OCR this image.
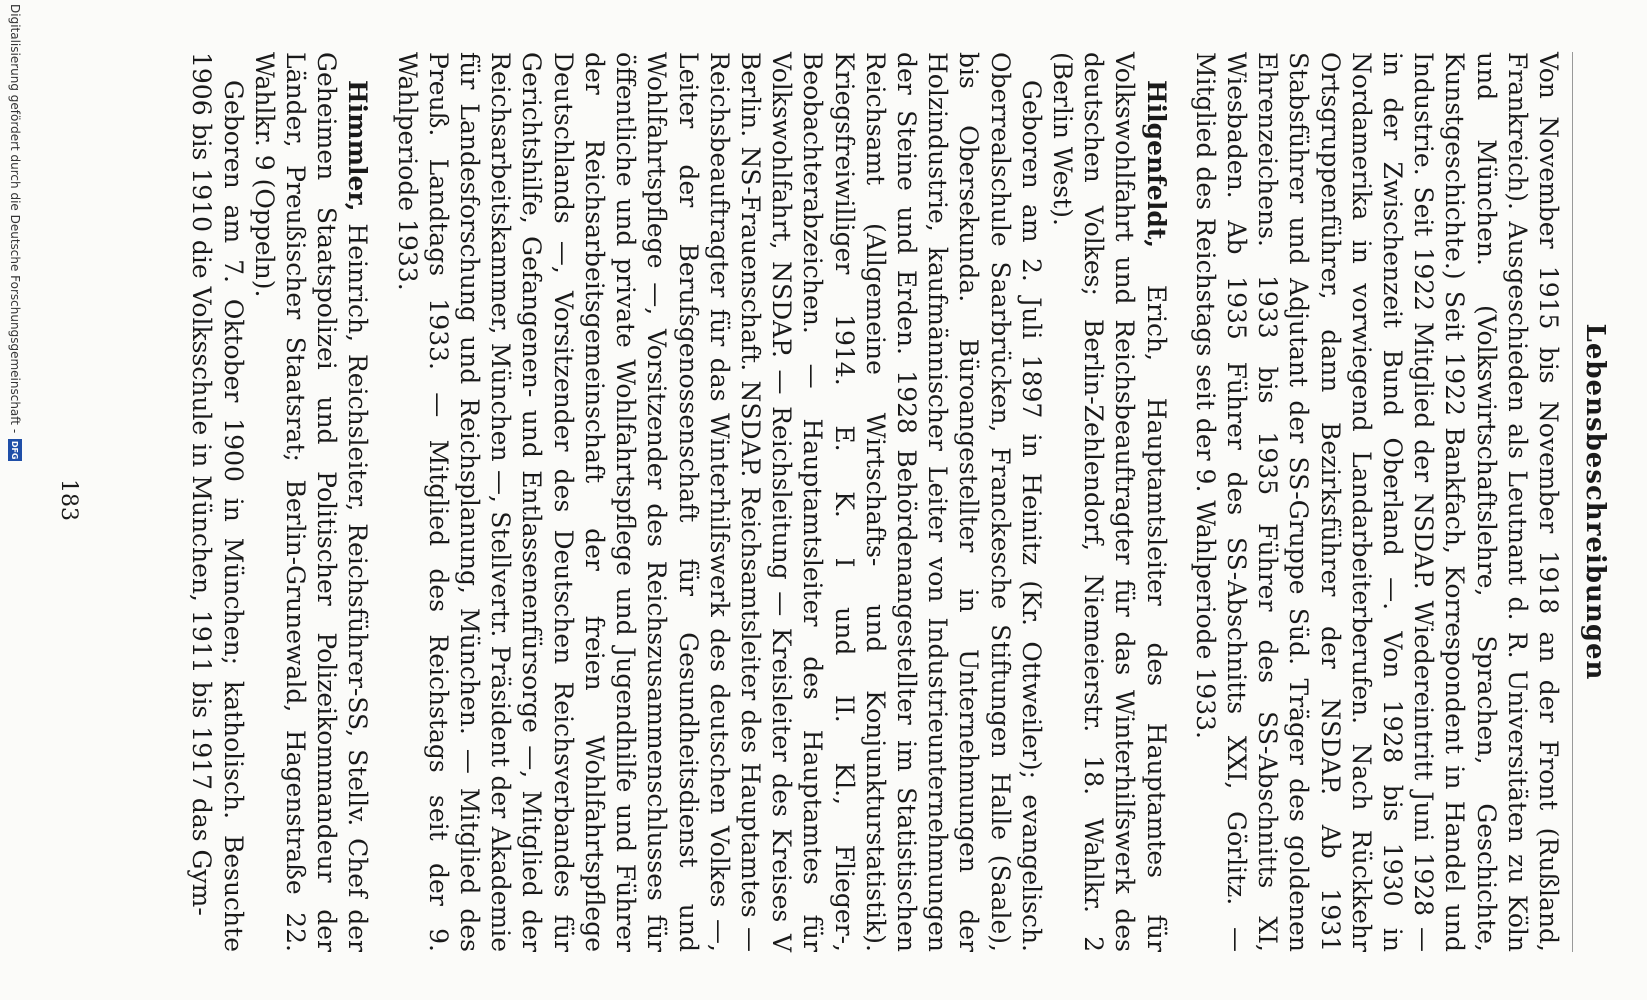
Lebensbeschreibungen

Von November 1915 bis November 1918 an der Front (Rußland, Frankreich). Ausgeschieden als Leutnant d. R. Universitäten zu Köln und München. (Volkswirtschaftslehre, Sprachen, Geschichte, Kunstgeschichte.) Seit 1922 Bankfach, Korrespondent in Handel und Industrie. Seit 1922 Mitglied der NSDAP. Wiedereintritt Juni 1928 — in der Zwischenzeit Bund Oberland —. Von 1928 bis 1930 in Nordamerika in vorwiegend Landarbeiterberufen. Nach Rückkehr Ortsgruppenführer, dann Bezirksführer der NSDAP. Ab 1931 Stabsführer und Adjutant der SS-Gruppe Süd. Träger des goldenen Ehrenzeichens. 1933 bis 1935 Führer des SS-Abschnitts XI, Wiesbaden. Ab 1935 Führer des SS-Abschnitts XXI, Görlitz. — Mitglied des Reichstags seit der 9. Wahlperiode 1933.

Hilgenfeldt, Erich, Hauptamtsleiter des Hauptamtes für Volkswohlfahrt und Reichsbeauftragter für das Winterhilfswerk des deutschen Volkes; Berlin-Zehlendorf, Niemeierstr. 18. Wahlkr. 2 (Berlin West).

Geboren am 2. Juli 1897 in Heinitz (Kr. Ottweiler); evangelisch. Oberrealschule Saarbrücken, Franckesche Stiftungen Halle (Saale), bis Obersekunda. Büroangestellter in Unternehmungen der Holzindustrie, kaufmännischer Leiter von Industrieunternehmungen der Steine und Erden. 1928 Behördenangestellter im Statistischen Reichsamt (Allgemeine Wirtschafts- und Konjunkturstatistik). Kriegsfreiwilliger 1914. E. K. I und II. Kl., Flieger-, Beobachterabzeichen. — Hauptamtsleiter des Hauptamtes für Volkswohlfahrt, NSDAP. — Reichsleitung — Kreisleiter des Kreises V Berlin. NS-Frauenschaft. NSDAP. Reichsamtsleiter des Hauptamtes — Reichsbeauftragter für das Winterhilfswerk des deutschen Volkes —, Leiter der Berufsgenossenschaft für Gesundheitsdienst und Wohlfahrtspflege —, Vorsitzender des Reichszusammenschlusses für öffentliche und private Wohlfahrtspflege und Jugendhilfe und Führer der Reichsarbeitsgemeinschaft der freien Wohlfahrtspflege Deutschlands —, Vorsitzender des Deutschen Reichsverbandes für Gerichtshilfe, Gefangenen- und Entlassenenfürsorge —, Mitglied der Reichsarbeitskammer, München —, Stellvertr. Präsident der Akademie für Landesforschung und Reichsplanung, München. — Mitglied des Preuß. Landtags 1933. — Mitglied des Reichstags seit der 9. Wahlperiode 1933.

Himmler, Heinrich, Reichsleiter, Reichsführer-SS, Stellv. Chef der Geheimen Staatspolizei und Politischer Polizeikommandeur der Länder, Preußischer Staatsrat; Berlin-Grunewald, Hagenstraße 22. Wahlkr. 9 (Oppeln).

Geboren am 7. Oktober 1900 in München; katholisch. Besuchte 1906 bis 1910 die Volksschule in München, 1911 bis 1917 das Gym-

183
Digitalisierung gefördert durch die Deutsche Forschungsgemeinschaft -
DFG
